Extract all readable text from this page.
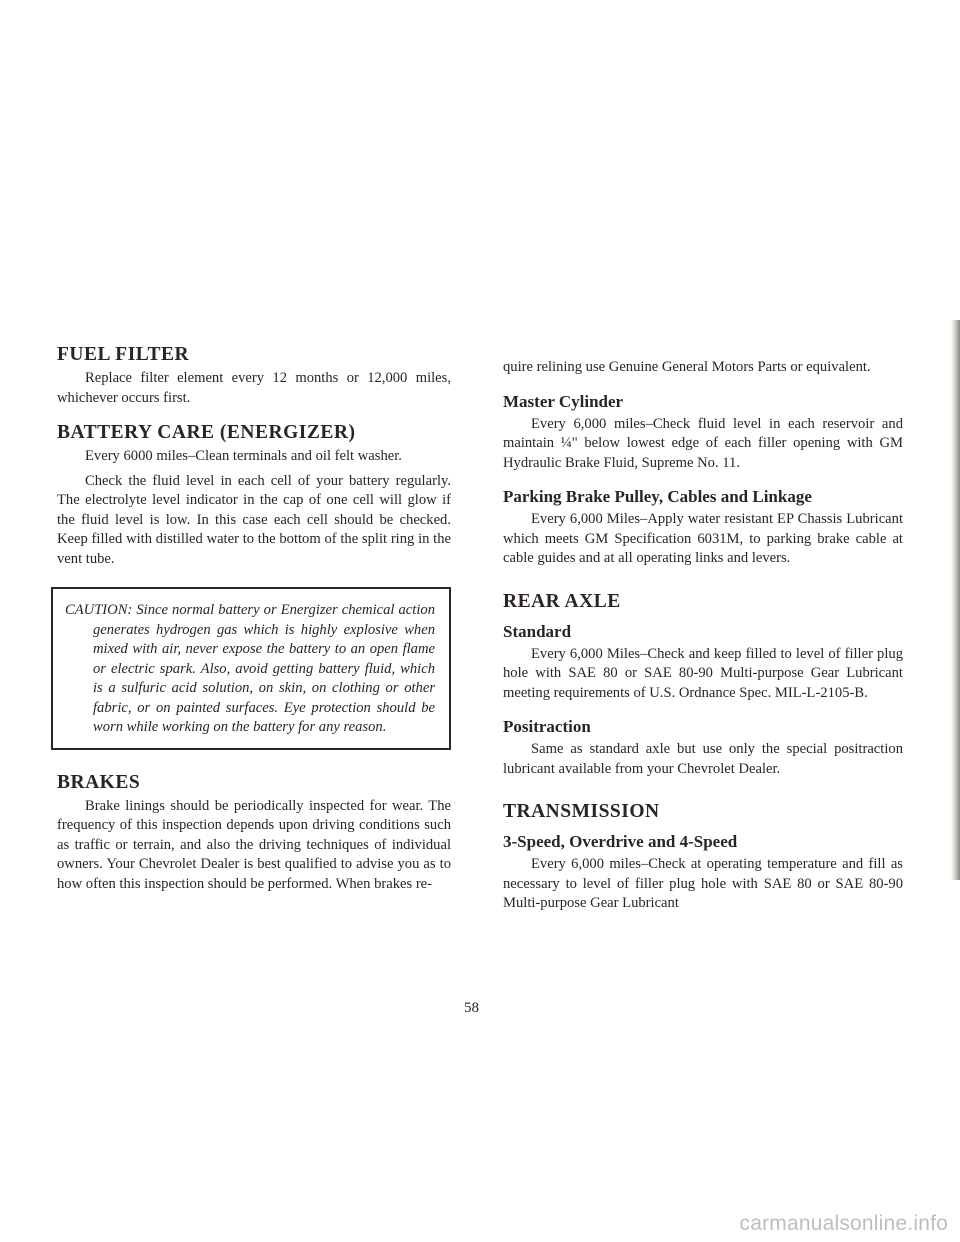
FUEL FILTER

Replace filter element every 12 months or 12,000 miles, whichever occurs first.

BATTERY CARE (ENERGIZER)

Every 6000 miles–Clean terminals and oil felt washer.

Check the fluid level in each cell of your battery regularly. The electrolyte level indicator in the cap of one cell will glow if the fluid level is low. In this case each cell should be checked. Keep filled with distilled water to the bottom of the split ring in the vent tube.

CAUTION: Since normal battery or Energizer chemical action generates hydrogen gas which is highly explosive when mixed with air, never expose the battery to an open flame or electric spark. Also, avoid getting battery fluid, which is a sulfuric acid solution, on skin, on clothing or other fabric, or on painted surfaces. Eye protection should be worn while working on the battery for any reason.

BRAKES

Brake linings should be periodically inspected for wear. The frequency of this inspection depends upon driving conditions such as traffic or terrain, and also the driving techniques of individual owners. Your Chevrolet Dealer is best qualified to advise you as to how often this inspection should be performed. When brakes re-

quire relining use Genuine General Motors Parts or equivalent.

Master Cylinder

Every 6,000 miles–Check fluid level in each reservoir and maintain ¼" below lowest edge of each filler opening with GM Hydraulic Brake Fluid, Supreme No. 11.

Parking Brake Pulley, Cables and Linkage

Every 6,000 Miles–Apply water resistant EP Chassis Lubricant which meets GM Specification 6031M, to parking brake cable at cable guides and at all operating links and levers.

REAR AXLE
Standard

Every 6,000 Miles–Check and keep filled to level of filler plug hole with SAE 80 or SAE 80-90 Multi-purpose Gear Lubricant meeting requirements of U.S. Ordnance Spec. MIL-L-2105-B.

Positraction

Same as standard axle but use only the special positraction lubricant available from your Chevrolet Dealer.

TRANSMISSION
3-Speed, Overdrive and 4-Speed

Every 6,000 miles–Check at operating temperature and fill as necessary to level of filler plug hole with SAE 80 or SAE 80-90 Multi-purpose Gear Lubricant

58
carmanualsonline.info
